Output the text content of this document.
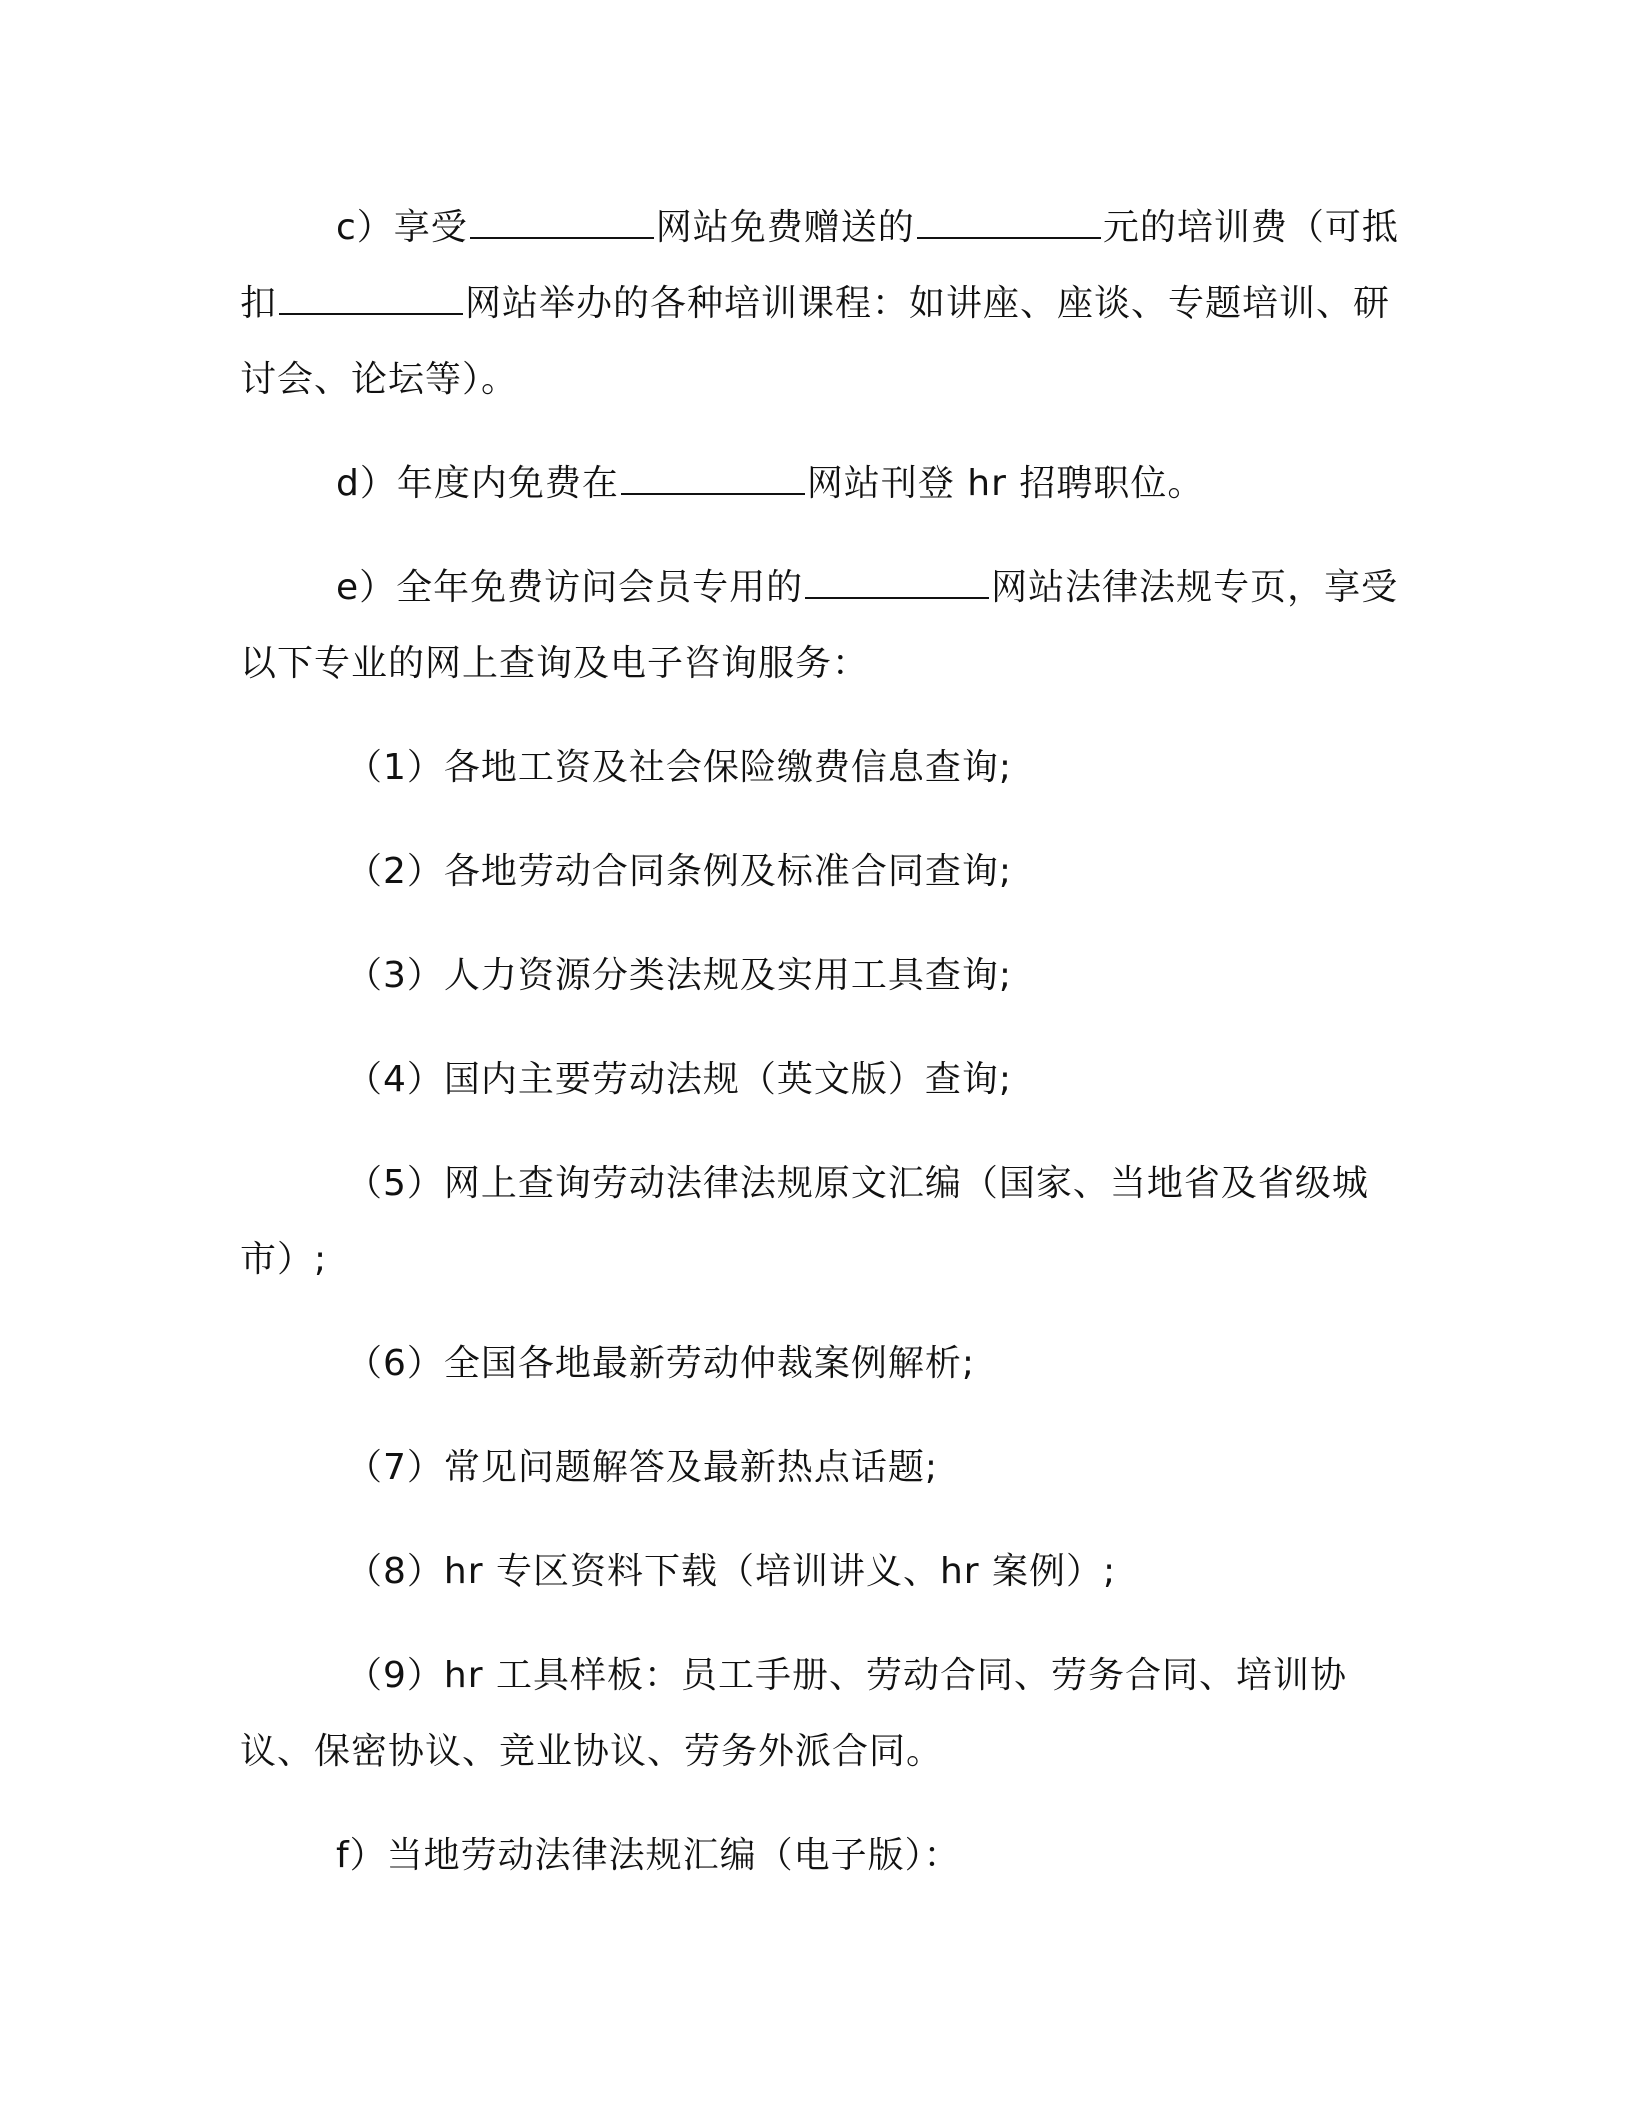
c）享受	网站免费赠送的	元的培训费（可抵扣	网站举办的各种培训课程：如讲座、座谈、专题培训、研讨会、论坛等）。

d）年度内免费在	网站刊登 hr 招聘职位。

e）全年免费访问会员专用的	网站法律法规专页，享受以下专业的网上查询及电子咨询服务：

（1）各地工资及社会保险缴费信息查询;

（2）各地劳动合同条例及标准合同查询;

（3）人力资源分类法规及实用工具查询;

（4）国内主要劳动法规（英文版）查询;

（5）网上查询劳动法律法规原文汇编（国家、当地省及省级城市）;

（6）全国各地最新劳动仲裁案例解析;

（7）常见问题解答及最新热点话题;

（8）hr 专区资料下载（培训讲义、hr 案例）;

（9）hr 工具样板：员工手册、劳动合同、劳务合同、培训协议、保密协议、竞业协议、劳务外派合同。

f）当地劳动法律法规汇编（电子版）：
